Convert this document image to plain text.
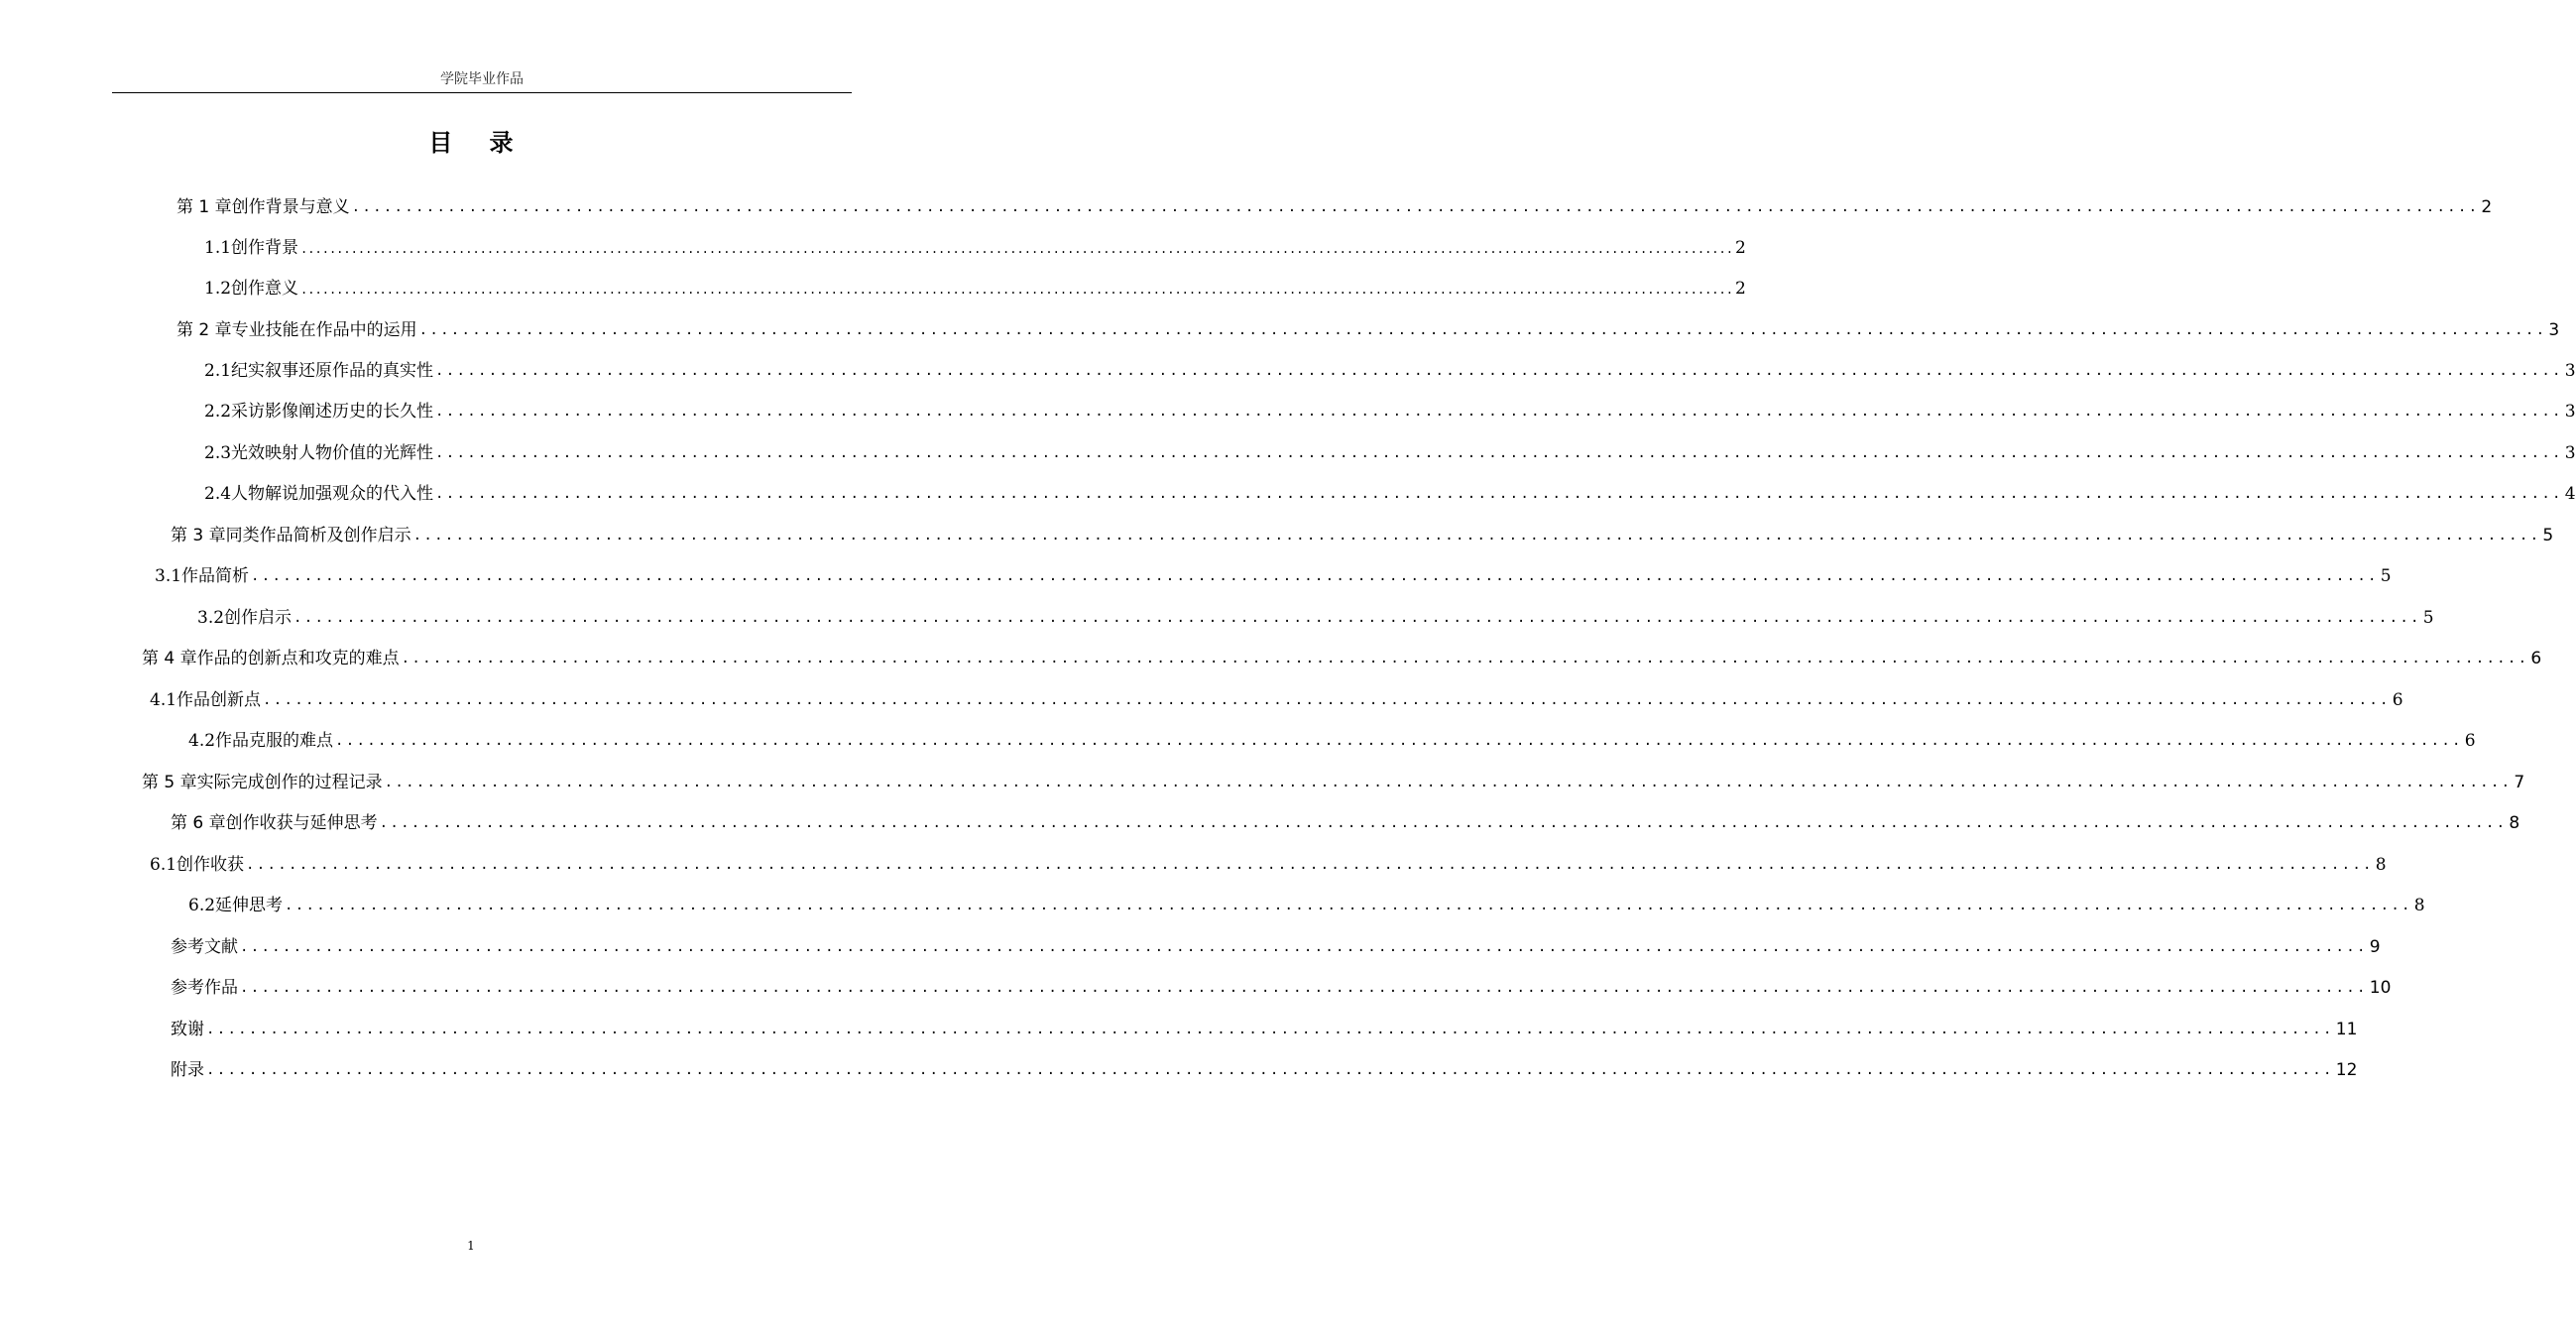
学院毕业作品
目 录
第 1 章 创作背景与意义 ........................................................................................................................................................................................................ 2
1.1 创作背景 ........................................................................................................................................................................................................ 2
1.2 创作意义 ........................................................................................................................................................................................................ 2
第 2 章 专业技能在作品中的运用 ........................................................................................................................................................................................................ 3
2.1 纪实叙事还原作品的真实性 ........................................................................................................................................................................................................ 3
2.2 采访影像阐述历史的长久性 ........................................................................................................................................................................................................ 3
2.3 光效映射人物价值的光辉性 ........................................................................................................................................................................................................ 3
2.4 人物解说加强观众的代入性 ........................................................................................................................................................................................................ 4
第 3 章 同类作品简析及创作启示 ........................................................................................................................................................................................................ 5
3.1 作品简析 ........................................................................................................................................................................................................ 5
3.2 创作启示 ........................................................................................................................................................................................................ 5
第 4 章 作品的创新点和攻克的难点 ........................................................................................................................................................................................................ 6
4.1 作品创新点 ........................................................................................................................................................................................................ 6
4.2 作品克服的难点 ........................................................................................................................................................................................................ 6
第 5 章 实际完成创作的过程记录 ........................................................................................................................................................................................................ 7
第 6 章 创作收获与延伸思考 ........................................................................................................................................................................................................ 8
6.1 创作收获 ........................................................................................................................................................................................................ 8
6.2 延伸思考 ........................................................................................................................................................................................................ 8
参考文献 ........................................................................................................................................................................................................ 9
参考作品 ........................................................................................................................................................................................................ 10
致谢 ........................................................................................................................................................................................................ 11
附录 ........................................................................................................................................................................................................ 12
1
